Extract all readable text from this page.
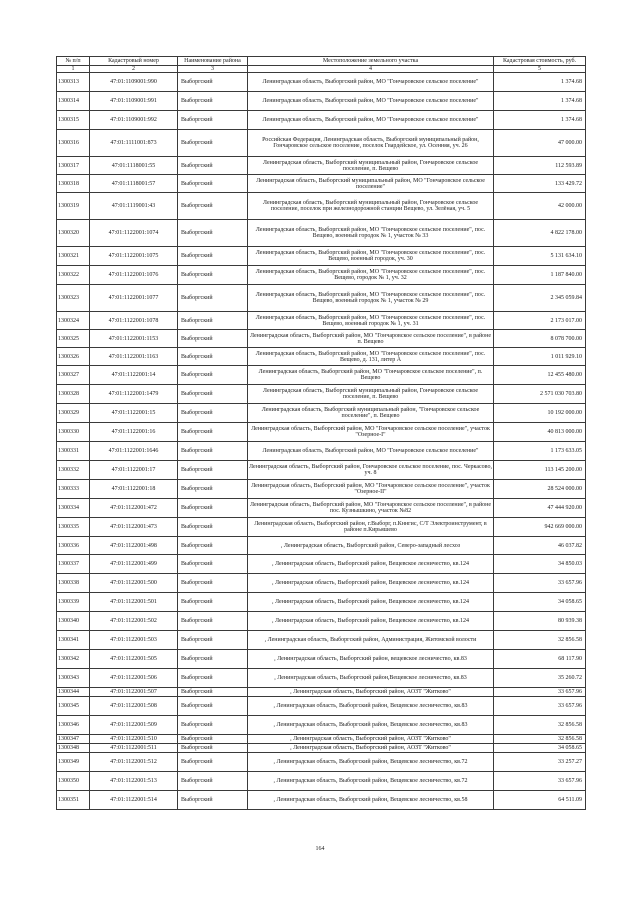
№ п/п	Кадастровый номер	Наименование района	Местоположение земельного участка	Кадастровая стоимость, руб.
1	2	3	4	5
1300313	47:01:1109001:990	Выборгский	Ленинградская область, Выборгский район, МО "Гончаровское сельское поселение"	1 374.68
1300314	47:01:1109001:991	Выборгский	Ленинградская область, Выборгский район, МО "Гончаровское сельское поселение"	1 374.68
1300315	47:01:1109001:992	Выборгский	Ленинградская область, Выборгский район, МО "Гончаровское сельское поселение"	1 374.68
1300316	47:01:1111001:873	Выборгский	Российская Федерация, Ленинградская область, Выборгский муниципальный район, Гончаровское сельское поселение, поселок Гвардейское, ул. Осенняя, уч. 26	47 000.00
1300317	47:01:1118001:55	Выборгский	Ленинградская область, Выборгский муниципальный район, Гончаровское сельское поселение, п. Вещево	112 593.89
1300318	47:01:1118001:57	Выборгский	Ленинградская область, Выборгский муниципальный район, МО "Гончаровское сельское поселение"	133 429.72
1300319	47:01:1119001:43	Выборгский	Ленинградская область, Выборгский муниципальный район, Гончаровское сельское поселение, поселок при железнодорожной станции Вещево, ул. Зелёная, уч. 5	42 000.00
1300320	47:01:1122001:1074	Выборгский	Ленинградская область, Выборгский район, МО "Гончаровское сельское поселение", пос. Вещево, военный городок № 1, участок № 33	4 822 178.00
1300321	47:01:1122001:1075	Выборгский	Ленинградская область, Выборгский район, МО "Гончаровское сельское поселение", пос. Вещево, военный городок, уч. 30	5 131 634.10
1300322	47:01:1122001:1076	Выборгский	Ленинградская область, Выборгский район, МО "Гончаровское сельское поселение", пос. Вещево, городок № 1, уч. 32	1 187 840.00
1300323	47:01:1122001:1077	Выборгский	Ленинградская область, Выборгский район, МО "Гончаровское сельское поселение", пос. Вещево, военный городок № 1, участок № 29	2 345 059.84
1300324	47:01:1122001:1078	Выборгский	Ленинградская область, Выборгский район, МО "Гончаровское сельское поселение", пос. Вещево, военный городок № 1, уч. 31	2 173 017.00
1300325	47:01:1122001:1153	Выборгский	Ленинградская область, Выборгский район, МО "Гончаровское сельское поселение", в районе п. Вещево	8 078 700.00
1300326	47:01:1122001:1163	Выборгский	Ленинградская область, Выборгский район, МО "Гончаровское сельское поселение", пос. Вещево, д. 131, литер А	1 011 929.10
1300327	47:01:1122001:14	Выборгский	Ленинградская область, Выборгский район, МО "Гончаровское сельское поселение", п. Вещево	12 455 480.00
1300328	47:01:1122001:1479	Выборгский	Ленинградская область, Выборгский муниципальный район, Гончаровское сельское поселение, п. Вещево	2 571 030 703.80
1300329	47:01:1122001:15	Выборгский	Ленинградская область, Выборгский муниципальный район, "Гончаровское сельское поселение", п. Вещево	10 192 000.00
1300330	47:01:1122001:16	Выборгский	Ленинградская область, Выборгский район, МО "Гончаровское сельское поселение", участок "Озерное-I"	40 813 000.00
1300331	47:01:1122001:1646	Выборгский	Ленинградская область, Выборгский район, МО "Гончаровское сельское поселение"	1 173 633.05
1300332	47:01:1122001:17	Выборгский	Ленинградская область, Выборгский район, Гончаровское сельское поселение, пос. Черкасово, уч. 8	113 145 200.00
1300333	47:01:1122001:18	Выборгский	Ленинградская область, Выборгский район, МО "Гончаровское сельское поселение", участок "Озерное-II"	28 524 000.00
1300334	47:01:1122001:472	Выборгский	Ленинградская область, Выборгский район, МО "Гончаровское сельское поселение", в районе пос. Кузнышкино, участок №82	47 444 920.00
1300335	47:01:1122001:473	Выборгский	Ленинградская область, Выборгский район, г.Выборг, п.Кннгис, С/Т Электроинструмент, в районе п.Кирьяшево	942 669 000.00
1300336	47:01:1122001:498	Выборгский	, Ленинградская область, Выборгский район, Северо-западный лесхоз	46 037.82
1300337	47:01:1122001:499	Выборгский	, Ленинградская область, Выборгский район, Вещевское лесничество, кв.124	34 850.03
1300338	47:01:1122001:500	Выборгский	, Ленинградская область, Выборгский район, Вещевское лесничество, кв.124	33 657.96
1300339	47:01:1122001:501	Выборгский	, Ленинградская область, Выборгский район, Вещевское лесничество, кв.124	34 058.65
1300340	47:01:1122001:502	Выборгский	, Ленинградская область, Выборгский район, Вещевское лесничество, кв.124	80 939.38
1300341	47:01:1122001:503	Выборгский	, Ленинградская область, Выборгский район, Администрация, Житомской волости	32 856.58
1300342	47:01:1122001:505	Выборгский	, Ленинградская область, Выборгский район, вещевское лесничество, кв.83	68 117.90
1300343	47:01:1122001:506	Выборгский	, Ленинградская область, Выборгский район,Вещевское лесничество, кв.83	35 260.72
1300344	47:01:1122001:507	Выборгский	, Ленинградская область, Выборгский район, АОЗТ "Житково"	33 657.96
1300345	47:01:1122001:508	Выборгский	, Ленинградская область, Выборгский район, Вещевское лесничество, кв.83	33 657.96
1300346	47:01:1122001:509	Выборгский	, Ленинградская область, Выборгский район, Вещевское лесничество, кв.83	32 856.58
1300347	47:01:1122001:510	Выборгский	, Ленинградская область, Выборгский район, АОЗТ "Житково"	32 856.58
1300348	47:01:1122001:511	Выборгский	, Ленинградская область, Выборгский район, АОЗТ "Житково"	34 058.65
1300349	47:01:1122001:512	Выборгский	, Ленинградская область, Выборгский район, Вещевское лесничество, кв.72	33 257.27
1300350	47:01:1122001:513	Выборгский	, Ленинградская область, Выборгский район, Вещевское лесничество, кв.72	33 657.96
1300351	47:01:1122001:514	Выборгский	, Ленинградская область, Выборгский район, Вещевское лесничество, кв.58	64 511.09
164
